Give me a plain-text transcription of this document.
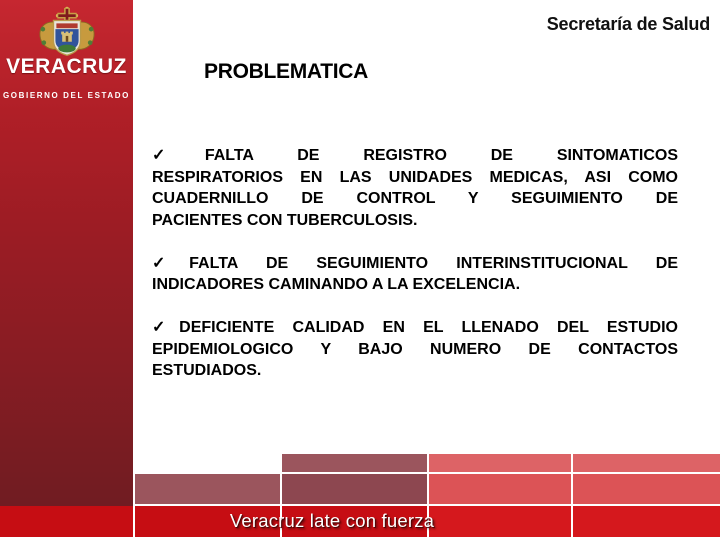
VERACRUZ
GOBIERNO DEL ESTADO
Secretaría de Salud
PROBLEMATICA

✓FALTA DE REGISTRO DE SINTOMATICOS
RESPIRATORIOS EN LAS UNIDADES MEDICAS, ASI COMO
CUADERNILLO DE CONTROL Y SEGUIMIENTO DE
PACIENTES CON TUBERCULOSIS.

✓FALTA DE SEGUIMIENTO INTERINSTITUCIONAL DE
INDICADORES CAMINANDO A LA EXCELENCIA.

✓DEFICIENTE CALIDAD EN EL LLENADO DEL ESTUDIO
EPIDEMIOLOGICO Y BAJO NUMERO DE CONTACTOS
ESTUDIADOS.

Veracruz late con fuerza
